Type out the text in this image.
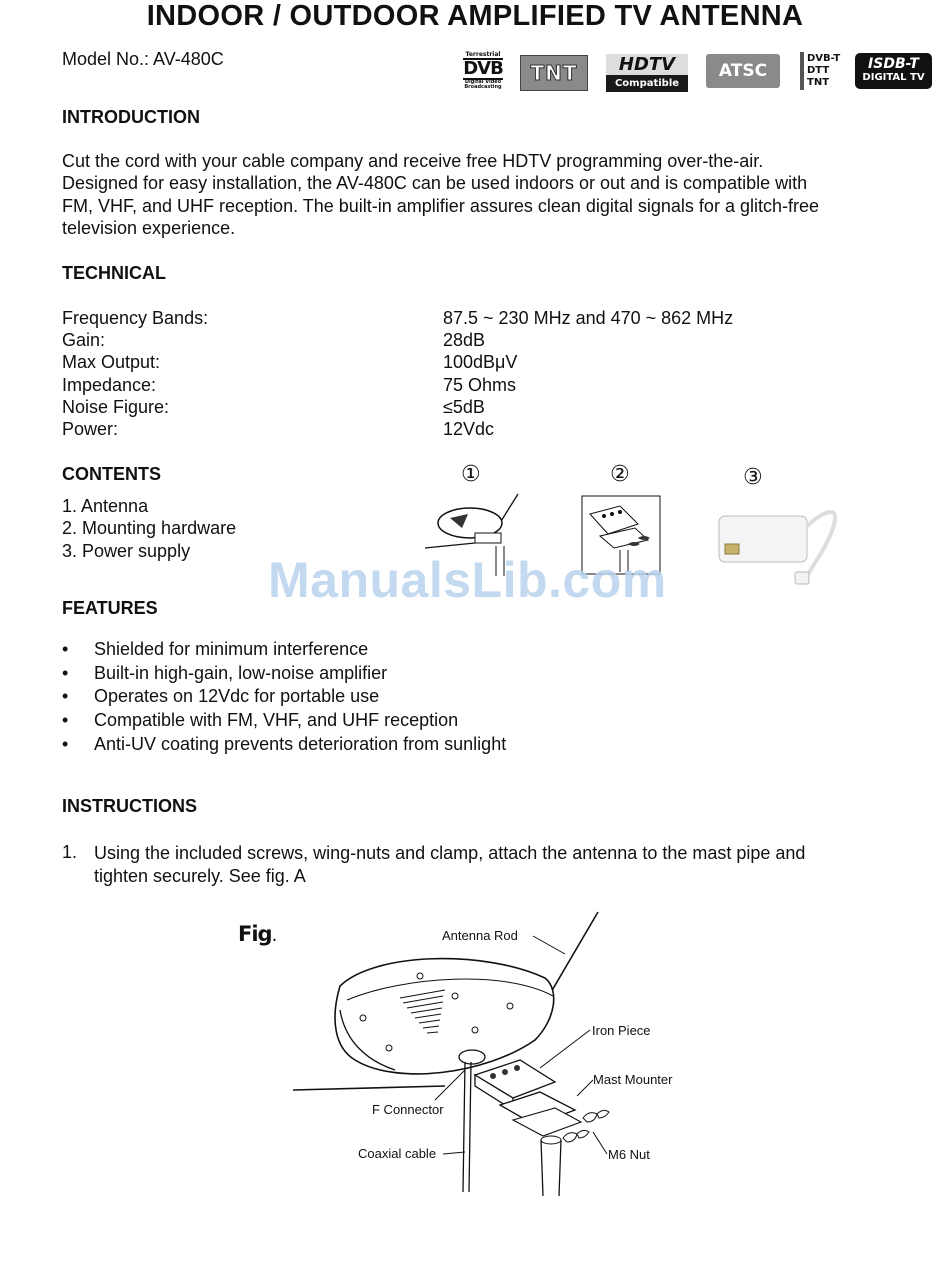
INDOOR / OUTDOOR AMPLIFIED TV ANTENNA
Model No.: AV-480C	Terrestrial
DVB
Digital Video Broadcasting
TNT	HDTV
Compatible
ATSC
DVB-T
DTT
TNT
ISDB-T
DIGITAL TV
INTRODUCTION
Cut the cord with your cable company and receive free HDTV programming over-the-air.
Designed for easy installation, the AV-480C can be used indoors or out and is compatible with
FM, VHF, and UHF reception. The built-in amplifier assures clean digital signals for a glitch-free
television experience.
TECHNICAL
Frequency Bands:	87.5 ~ 230 MHz and 470 ~ 862 MHz
Gain:	28dB
Max Output:	100dBμV
Impedance:	75 Ohms
Noise Figure:	≤5dB
Power:	12Vdc
CONTENTS
1. Antenna
2. Mounting hardware
3. Power supply
①	②	③
ManualsLib.com
FEATURES
• Shielded for minimum interference
• Built-in high-gain, low-noise amplifier
• Operates on 12Vdc for portable use
• Compatible with FM, VHF, and UHF reception
• Anti-UV coating prevents deterioration from sunlight
INSTRUCTIONS
1. Using the included screws, wing-nuts and clamp, attach the antenna to the mast pipe and
tighten securely. See fig. A
Fig.	Antenna Rod
Iron Piece
Mast Mounter
F Connector
Coaxial cable	M6 Nut
